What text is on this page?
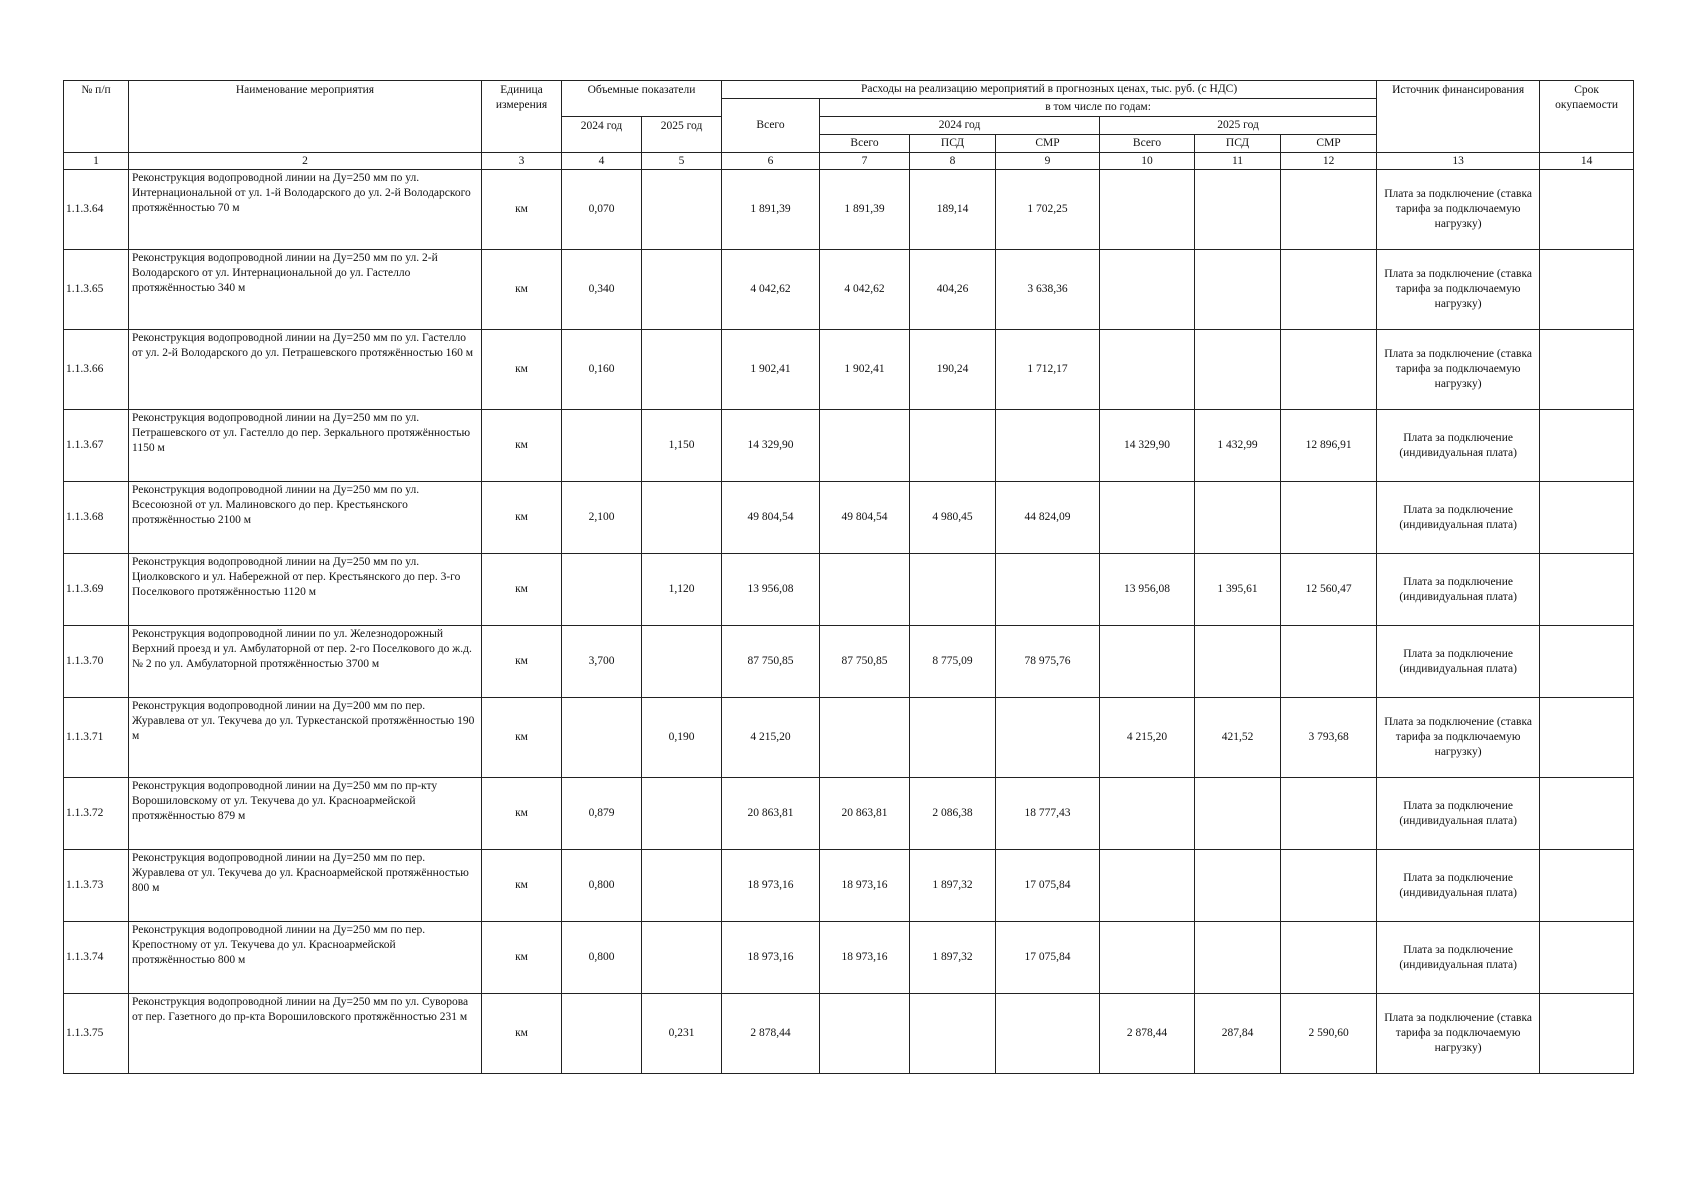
№ п/п	Наименование мероприятия	Единица измерения	Объемные показатели		Расходы на реализацию мероприятий в прогнозных ценах, тыс. руб. (с НДС)							Источник финансирования	Срок окупаемости
					Всего	в том числе по годам:							
			2024 год	2025 год		2024 год			2025 год				
						Всего	ПСД	СМР	Всего	ПСД	СМР		
1	2	3	4	5	6	7	8	9	10	11	12	13	14
1.1.3.64	Реконструкция водопроводной линии на Ду=250 мм по ул. Интернациональной от ул. 1-й Володарского до ул. 2-й Володарского протяжённостью 70 м	км	0,070		1 891,39	1 891,39	189,14	1 702,25				Плата за подключение (ставка тарифа за подключаемую нагрузку)	
1.1.3.65	Реконструкция водопроводной линии на Ду=250 мм по ул. 2-й Володарского от ул. Интернациональной до ул. Гастелло протяжённостью 340 м	км	0,340		4 042,62	4 042,62	404,26	3 638,36				Плата за подключение (ставка тарифа за подключаемую нагрузку)	
1.1.3.66	Реконструкция водопроводной линии на Ду=250 мм по ул. Гастелло от ул. 2-й Володарского до ул. Петрашевского протяжённостью 160 м	км	0,160		1 902,41	1 902,41	190,24	1 712,17				Плата за подключение (ставка тарифа за подключаемую нагрузку)	
1.1.3.67	Реконструкция водопроводной линии на Ду=250 мм по ул. Петрашевского от ул. Гастелло до пер. Зеркального протяжённостью 1150 м	км		1,150	14 329,90				14 329,90	1 432,99	12 896,91	Плата за подключение (индивидуальная плата)	
1.1.3.68	Реконструкция водопроводной линии на Ду=250 мм по ул. Всесоюзной от ул. Малиновского до пер. Крестьянского протяжённостью 2100 м	км	2,100		49 804,54	49 804,54	4 980,45	44 824,09				Плата за подключение (индивидуальная плата)	
1.1.3.69	Реконструкция водопроводной линии на Ду=250 мм по ул. Циолковского и ул. Набережной от пер. Крестьянского до пер. 3-го Поселкового протяжённостью 1120 м	км		1,120	13 956,08				13 956,08	1 395,61	12 560,47	Плата за подключение (индивидуальная плата)	
1.1.3.70	Реконструкция водопроводной линии по ул. Железнодорожный Верхний проезд и ул. Амбулаторной от пер. 2-го Поселкового до ж.д. № 2 по ул. Амбулаторной протяжённостью 3700 м	км	3,700		87 750,85	87 750,85	8 775,09	78 975,76				Плата за подключение (индивидуальная плата)	
1.1.3.71	Реконструкция водопроводной линии на Ду=200 мм по пер. Журавлева от ул. Текучева до ул. Туркестанской протяжённостью 190 м	км		0,190	4 215,20				4 215,20	421,52	3 793,68	Плата за подключение (ставка тарифа за подключаемую нагрузку)	
1.1.3.72	Реконструкция водопроводной линии на Ду=250 мм по пр-кту Ворошиловскому от ул. Текучева до ул. Красноармейской протяжённостью 879 м	км	0,879		20 863,81	20 863,81	2 086,38	18 777,43				Плата за подключение (индивидуальная плата)	
1.1.3.73	Реконструкция водопроводной линии на Ду=250 мм по пер. Журавлева от ул. Текучева до ул. Красноармейской протяжённостью 800 м	км	0,800		18 973,16	18 973,16	1 897,32	17 075,84				Плата за подключение (индивидуальная плата)	
1.1.3.74	Реконструкция водопроводной линии на Ду=250 мм по пер. Крепостному от ул. Текучева до ул. Красноармейской протяжённостью 800 м	км	0,800		18 973,16	18 973,16	1 897,32	17 075,84				Плата за подключение (индивидуальная плата)	
1.1.3.75	Реконструкция водопроводной линии на Ду=250 мм по ул. Суворова от пер. Газетного до пр-кта Ворошиловского протяжённостью 231 м	км		0,231	2 878,44				2 878,44	287,84	2 590,60	Плата за подключение (ставка тарифа за подключаемую нагрузку)	
